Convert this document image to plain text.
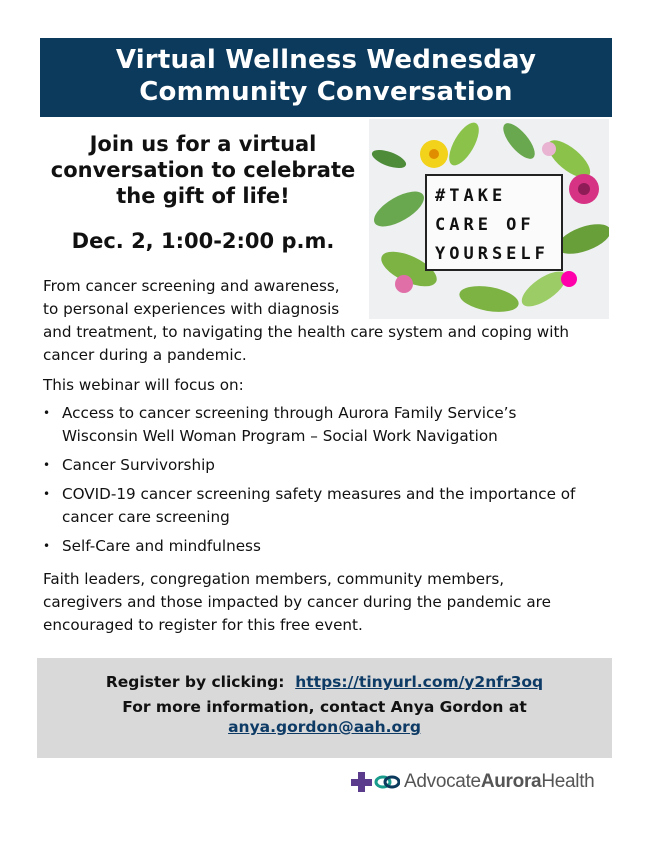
Virtual Wellness Wednesday
Community Conversation
Join us for a virtual
conversation to celebrate
the gift of life!
Dec. 2, 1:00-2:00 p.m.
#TAKE
CARE OF
YOURSELF
From cancer screening and awareness,
to personal experiences with diagnosis
and treatment, to navigating the health care system and coping with
cancer during a pandemic.
This webinar will focus on:
• Access to cancer screening through Aurora Family Service’s
Wisconsin Well Woman Program – Social Work Navigation
• Cancer Survivorship
• COVID-19 cancer screening safety measures and the importance of
cancer care screening
• Self-Care and mindfulness
Faith leaders, congregation members, community members,
caregivers and those impacted by cancer during the pandemic are
encouraged to register for this free event.
Register by clicking: https://tinyurl.com/y2nfr3oq
For more information, contact Anya Gordon at
anya.gordon@aah.org
AdvocateAuroraHealth
